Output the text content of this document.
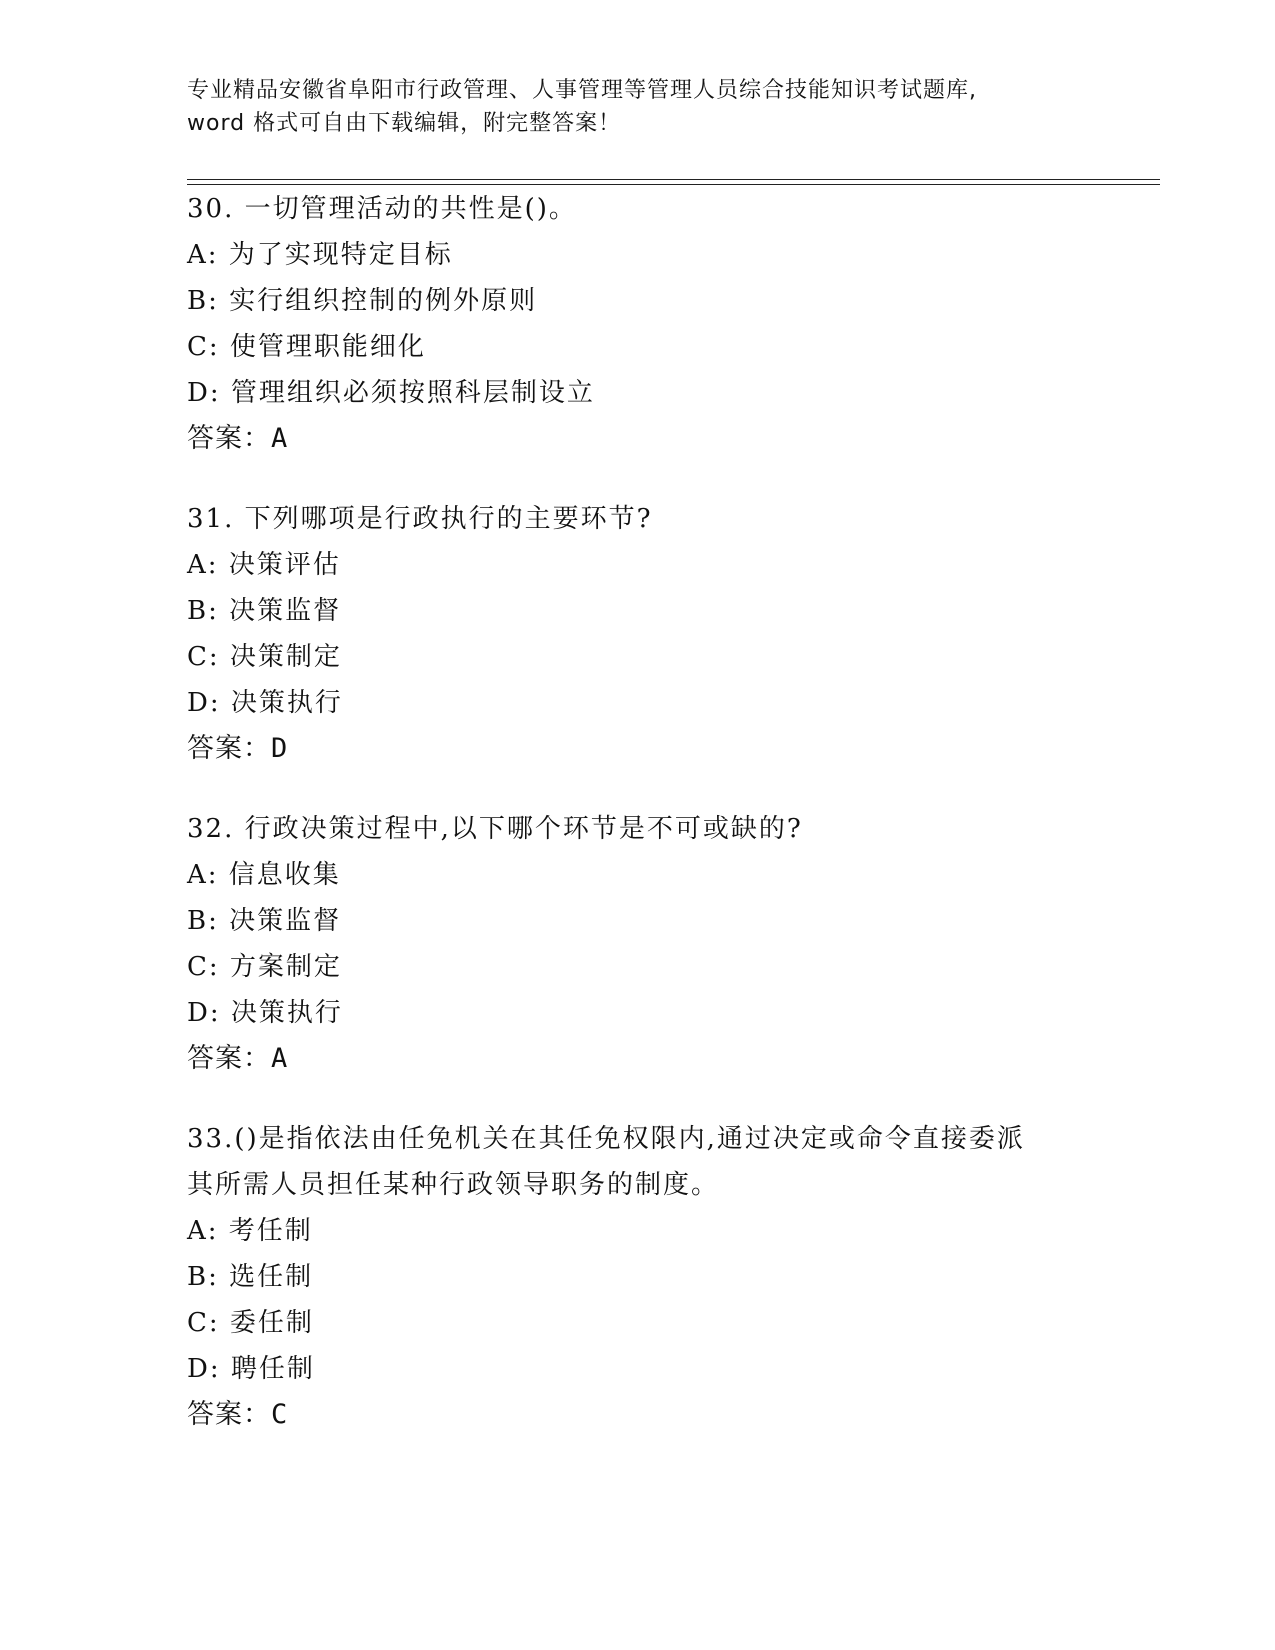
专业精品安徽省阜阳市行政管理、人事管理等管理人员综合技能知识考试题库,
word 格式可自由下载编辑，附完整答案！
30. 一切管理活动的共性是()。
A: 为了实现特定目标
B: 实行组织控制的例外原则
C: 使管理职能细化
D: 管理组织必须按照科层制设立
答案：A
31. 下列哪项是行政执行的主要环节?
A: 决策评估
B: 决策监督
C: 决策制定
D: 决策执行
答案：D
32. 行政决策过程中,以下哪个环节是不可或缺的?
A: 信息收集
B: 决策监督
C: 方案制定
D: 决策执行
答案：A
33.()是指依法由任免机关在其任免权限内,通过决定或命令直接委派
其所需人员担任某种行政领导职务的制度。
A: 考任制
B: 选任制
C: 委任制
D: 聘任制
答案：C
